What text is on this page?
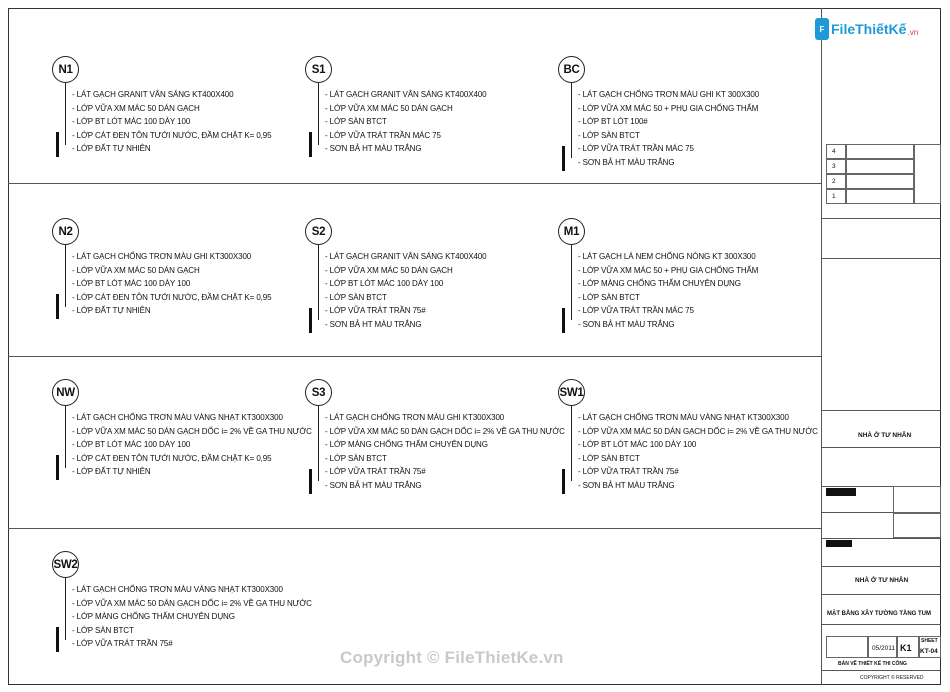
F FileThiếtKế .vn
N1
- LÁT GẠCH GRANIT VÂN SÁNG KT400X400
- LỚP VỮA XM MÁC 50 DÁN GẠCH
- LỚP BT LÓT MÁC 100 DÀY 100
- LỚP CÁT ĐEN TÔN TƯỚI NƯỚC, ĐẦM CHẶT K= 0,95
- LỚP ĐẤT TỰ NHIÊN
S1
- LÁT GẠCH GRANIT VÂN SÁNG KT400X400
- LỚP VỮA XM MÁC 50 DÁN GẠCH
- LỚP SÀN BTCT
- LỚP VỮA TRÁT TRẦN MÁC 75
- SƠN BẢ HT MÀU TRẮNG
BC
- LÁT GẠCH CHỐNG TRƠN MÀU GHI KT 300X300
- LỚP VỮA XM MÁC 50 + PHỤ GIA CHỐNG THẤM
- LỚP BT LÓT 100#
- LỚP SÀN BTCT
- LỚP VỮA TRÁT TRẦN MÁC 75
- SƠN BẢ HT MÀU TRẮNG
N2
- LÁT GẠCH CHỐNG TRƠN MÀU GHI KT300X300
- LỚP VỮA XM MÁC 50 DÁN GẠCH
- LỚP BT LÓT MÁC 100 DÀY 100
- LỚP CÁT ĐEN TÔN TƯỚI NƯỚC, ĐẦM CHẶT K= 0,95
- LỚP ĐẤT TỰ NHIÊN
S2
- LÁT GẠCH GRANIT VÂN SÁNG KT400X400
- LỚP VỮA XM MÁC 50 DÁN GẠCH
- LỚP BT LÓT MÁC 100 DÀY 100
- LỚP SÀN BTCT
- LỚP VỮA TRÁT TRẦN 75#
- SƠN BẢ HT MÀU TRẮNG
M1
- LÁT GẠCH LÁ NEM CHỐNG NÓNG KT 300X300
- LỚP VỮA XM MÁC 50 + PHỤ GIA CHỐNG THẤM
- LỚP MÀNG CHỐNG THẤM CHUYÊN DỤNG
- LỚP SÀN BTCT
- LỚP VỮA TRÁT TRẦN MÁC 75
- SƠN BẢ HT MÀU TRẮNG
NW
- LÁT GẠCH CHỐNG TRƠN MÀU VÀNG NHẠT KT300X300
- LỚP VỮA XM MÁC 50 DÁN GẠCH DỐC i= 2% VỀ GA THU NƯỚC
- LỚP BT LÓT MÁC 100 DÀY 100
- LỚP CÁT ĐEN TÔN TƯỚI NƯỚC, ĐẦM CHẶT K= 0,95
- LỚP ĐẤT TỰ NHIÊN
S3
- LÁT GẠCH CHỐNG TRƠN MÀU GHI KT300X300
- LỚP VỮA XM MÁC 50 DÁN GẠCH DỐC i= 2% VỀ GA THU NƯỚC
- LỚP MÀNG CHỐNG THẤM CHUYÊN DỤNG
- LỚP SÀN BTCT
- LỚP VỮA TRÁT TRẦN 75#
- SƠN BẢ HT MÀU TRẮNG
SW1
- LÁT GẠCH CHỐNG TRƠN MÀU VÀNG NHẠT KT300X300
- LỚP VỮA XM MÁC 50 DÁN GẠCH DỐC i= 2% VỀ GA THU NƯỚC
- LỚP BT LÓT MÁC 100 DÀY 100
- LỚP SÀN BTCT
- LỚP VỮA TRÁT TRẦN 75#
- SƠN BẢ HT MÀU TRẮNG
SW2
- LÁT GẠCH CHỐNG TRƠN MÀU VÀNG NHẠT KT300X300
- LỚP VỮA XM MÁC 50 DÁN GẠCH DỐC i= 2% VỀ GA THU NƯỚC
- LỚP MÀNG CHỐNG THẤM CHUYÊN DỤNG
- LỚP SÀN BTCT
- LỚP VỮA TRÁT TRẦN 75#
4
3
2
1
NHÀ Ở TƯ NHÂN
NHÀ Ở TƯ NHÂN
MẶT BẰNG XÂY TƯỜNG TẦNG TUM
05/2011 K1
SHEET
KT-04
BẢN VẼ THIẾT KẾ THI CÔNG
COPYRIGHT © RESERVED
Copyright © FileThietKe.vn
